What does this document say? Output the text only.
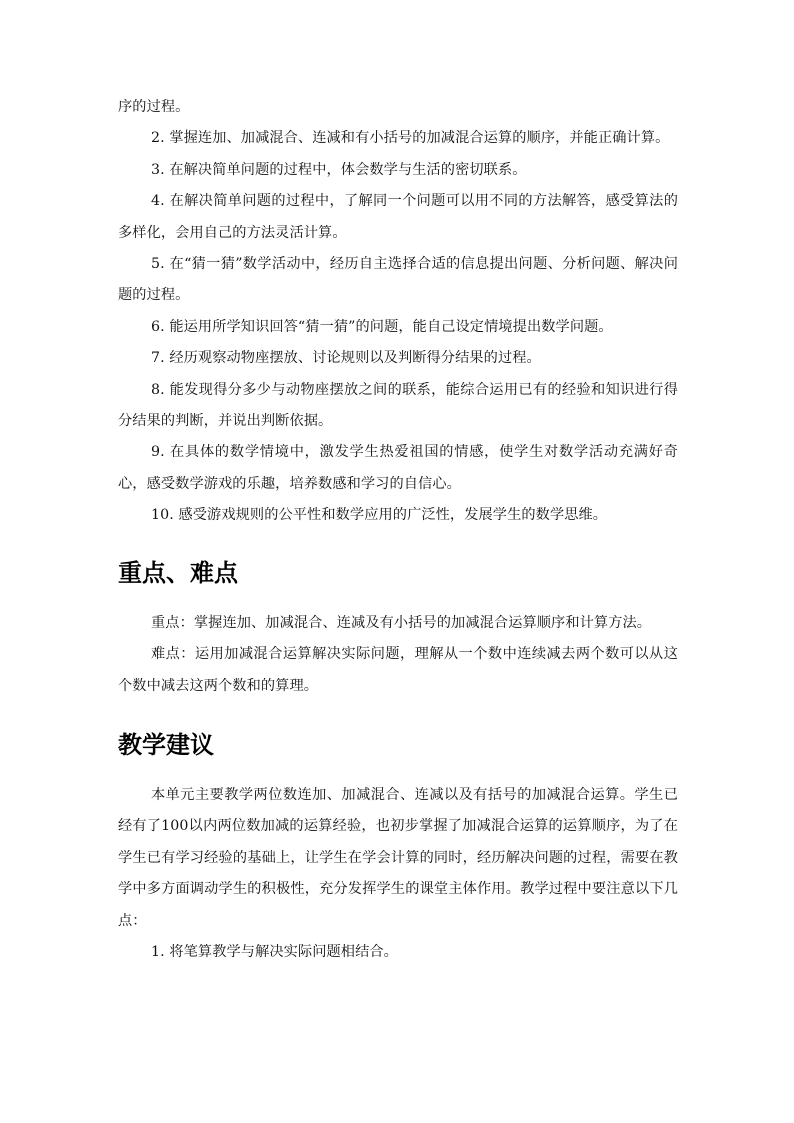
序的过程。

2. 掌握连加、加减混合、连减和有小括号的加减混合运算的顺序，并能正确计算。

3. 在解决简单问题的过程中，体会数学与生活的密切联系。

4. 在解决简单问题的过程中，了解同一个问题可以用不同的方法解答，感受算法的多样化，会用自己的方法灵活计算。

5. 在“猜一猜”数学活动中，经历自主选择合适的信息提出问题、分析问题、解决问题的过程。

6. 能运用所学知识回答“猜一猜”的问题，能自己设定情境提出数学问题。

7. 经历观察动物座摆放、讨论规则以及判断得分结果的过程。

8. 能发现得分多少与动物座摆放之间的联系，能综合运用已有的经验和知识进行得分结果的判断，并说出判断依据。

9. 在具体的数学情境中，激发学生热爱祖国的情感，使学生对数学活动充满好奇心，感受数学游戏的乐趣，培养数感和学习的自信心。

10. 感受游戏规则的公平性和数学应用的广泛性，发展学生的数学思维。

重点、难点

重点：掌握连加、加减混合、连减及有小括号的加减混合运算顺序和计算方法。

难点：运用加减混合运算解决实际问题，理解从一个数中连续减去两个数可以从这个数中减去这两个数和的算理。

教学建议

本单元主要教学两位数连加、加减混合、连减以及有括号的加减混合运算。学生已经有了100以内两位数加减的运算经验，也初步掌握了加减混合运算的运算顺序，为了在学生已有学习经验的基础上，让学生在学会计算的同时，经历解决问题的过程，需要在教学中多方面调动学生的积极性，充分发挥学生的课堂主体作用。教学过程中要注意以下几点：

1. 将笔算教学与解决实际问题相结合。
